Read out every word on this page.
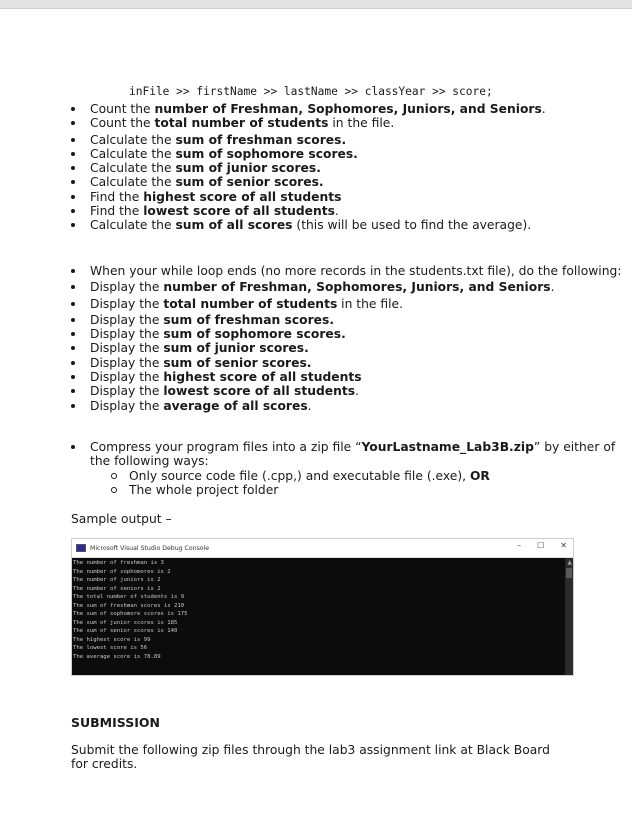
inFile >> firstName >> lastName >> classYear >> score;
Count the number of Freshman, Sophomores, Juniors, and Seniors.
Count the total number of students in the file.
Calculate the sum of freshman scores.
Calculate the sum of sophomore scores.
Calculate the sum of junior scores.
Calculate the sum of senior scores.
Find the highest score of all students
Find the lowest score of all students.
Calculate the sum of all scores (this will be used to find the average).
When your while loop ends (no more records in the students.txt file), do the following:
Display the number of Freshman, Sophomores, Juniors, and Seniors.
Display the total number of students in the file.
Display the sum of freshman scores.
Display the sum of sophomore scores.
Display the sum of junior scores.
Display the sum of senior scores.
Display the highest score of all students
Display the lowest score of all students.
Display the average of all scores.
Compress your program files into a zip file “YourLastname_Lab3B.zip” by either of the following ways:
Only source code file (.cpp,) and executable file (.exe), OR
The whole project folder

Sample output –

Microsoft Visual Studio Debug Console	– ☐ ✕
The number of freshman is 3
The number of sophomores is 2
The number of juniors is 2
The number of seniors is 2
The total number of students is 9
The sum of freshman scores is 210
The sum of sophomore scores is 175
The sum of junior scores is 185
The sum of senior scores is 140
The highest score is 99
The lowest score is 56
The average score is 78.89
▲

SUBMISSION

Submit the following zip files through the lab3 assignment link at Black Board for credits.
